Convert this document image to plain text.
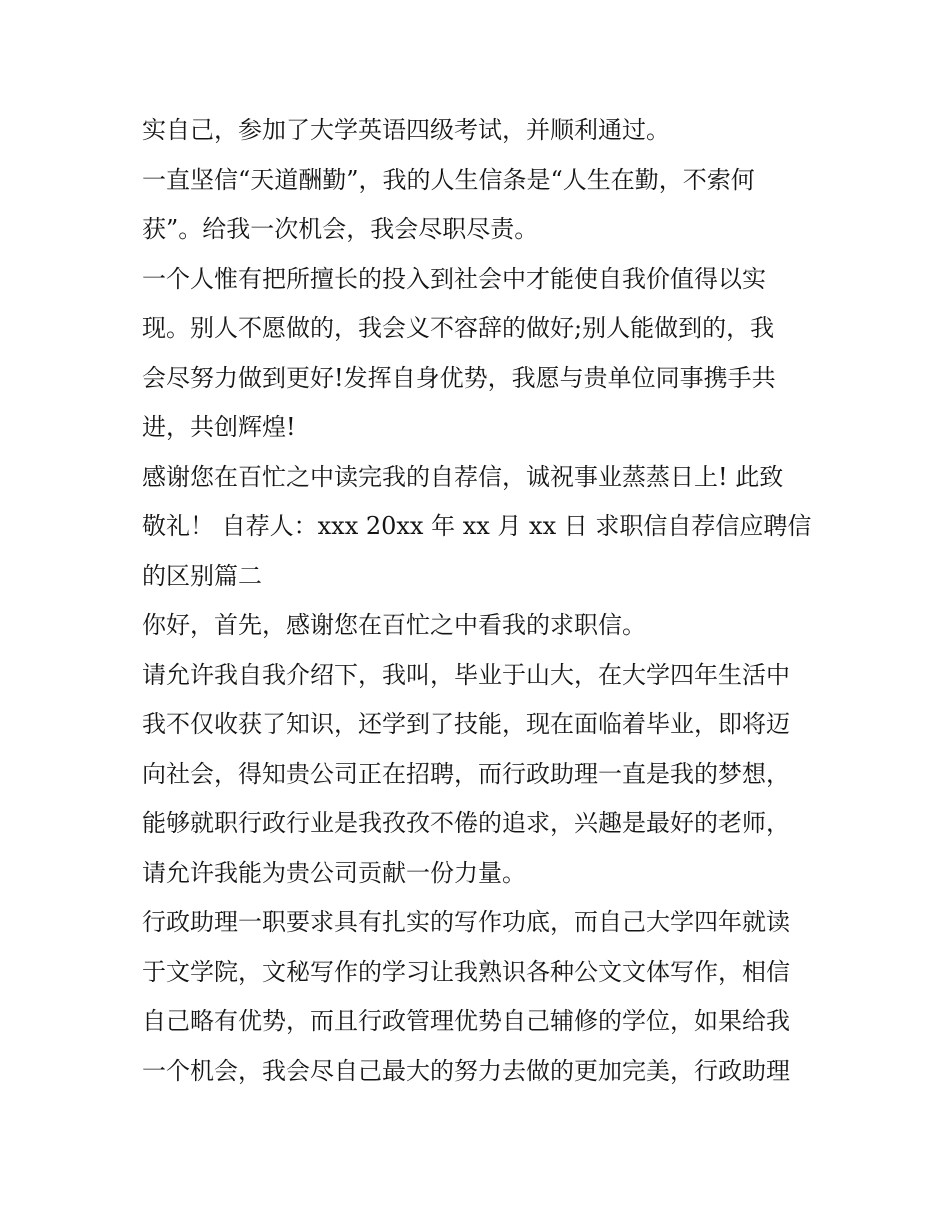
实自己，参加了大学英语四级考试，并顺利通过。
一直坚信“天道酬勤”，我的人生信条是“人生在勤，不索何
获”。给我一次机会，我会尽职尽责。
一个人惟有把所擅长的投入到社会中才能使自我价值得以实
现。别人不愿做的，我会义不容辞的做好;别人能做到的，我
会尽努力做到更好!发挥自身优势，我愿与贵单位同事携手共
进，共创辉煌!
感谢您在百忙之中读完我的自荐信，诚祝事业蒸蒸日上! 此致
敬礼！ 自荐人：xxx 20xx 年 xx 月 xx 日 求职信自荐信应聘信
的区别篇二
你好，首先，感谢您在百忙之中看我的求职信。
请允许我自我介绍下，我叫，毕业于山大，在大学四年生活中
我不仅收获了知识，还学到了技能，现在面临着毕业，即将迈
向社会，得知贵公司正在招聘，而行政助理一直是我的梦想，
能够就职行政行业是我孜孜不倦的追求，兴趣是最好的老师，
请允许我能为贵公司贡献一份力量。
行政助理一职要求具有扎实的写作功底，而自己大学四年就读
于文学院，文秘写作的学习让我熟识各种公文文体写作，相信
自己略有优势，而且行政管理优势自己辅修的学位，如果给我
一个机会，我会尽自己最大的努力去做的更加完美，行政助理
